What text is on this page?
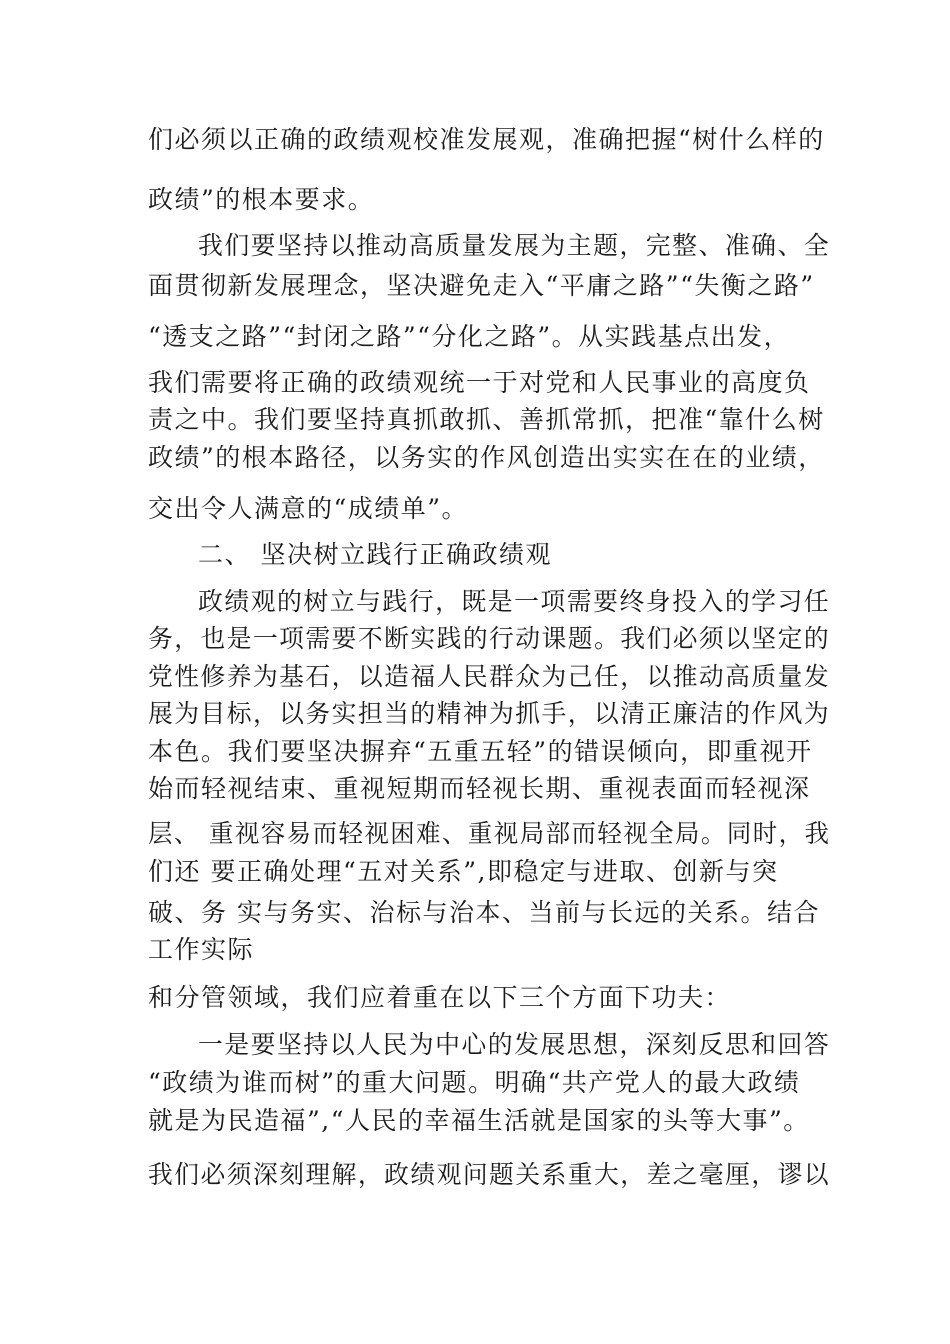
们必须以正确的政绩观校准发展观，准确把握“树什么样的
政绩”的根本要求。
我们要坚持以推动高质量发展为主题，完整、准确、全
面贯彻新发展理念，坚决避免走入“平庸之路”“失衡之路”
“透支之路”“封闭之路”“分化之路”。从实践基点出发，
我们需要将正确的政绩观统一于对党和人民事业的高度负
责之中。我们要坚持真抓敢抓、善抓常抓，把准“靠什么树
政绩”的根本路径，以务实的作风创造出实实在在的业绩，
交出令人满意的“成绩单”。
二、 坚决树立践行正确政绩观
政绩观的树立与践行，既是一项需要终身投入的学习任
务，也是一项需要不断实践的行动课题。我们必须以坚定的
党性修养为基石，以造福人民群众为己任，以推动高质量发
展为目标，以务实担当的精神为抓手，以清正廉洁的作风为
本色。我们要坚决摒弃“五重五轻”的错误倾向，即重视开
始而轻视结束、重视短期而轻视长期、重视表面而轻视深
层、 重视容易而轻视困难、重视局部而轻视全局。同时，我
们还 要正确处理“五对关系”,即稳定与进取、创新与突
破、务 实与务实、治标与治本、当前与长远的关系。结合
工作实际
和分管领域，我们应着重在以下三个方面下功夫：
一是要坚持以人民为中心的发展思想，深刻反思和回答
“政绩为谁而树”的重大问题。明确“共产党人的最大政绩
就是为民造福”,“人民的幸福生活就是国家的头等大事”。
我们必须深刻理解，政绩观问题关系重大，差之毫厘，谬以
